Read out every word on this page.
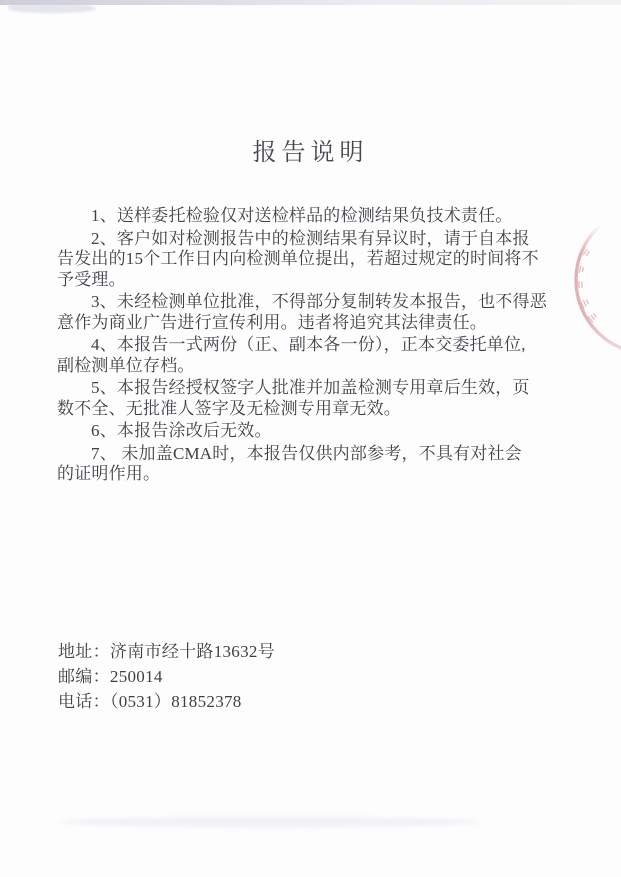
报告说明

1、送样委托检验仅对送检样品的检测结果负技术责任。

2、客户如对检测报告中的检测结果有异议时，请于自本报
告发出的15个工作日内向检测单位提出，若超过规定的时间将不
予受理。

3、未经检测单位批准，不得部分复制转发本报告，也不得恶
意作为商业广告进行宣传利用。违者将追究其法律责任。

4、本报告一式两份（正、副本各一份），正本交委托单位,
副检测单位存档。

5、本报告经授权签字人批准并加盖检测专用章后生效，页
数不全、无批准人签字及无检测专用章无效。

6、本报告涂改后无效。

7、 未加盖CMA时，本报告仅供内部参考，不具有对社会
的证明作用。

地址：济南市经十路13632号
邮编：250014
电话：（0531）81852378
